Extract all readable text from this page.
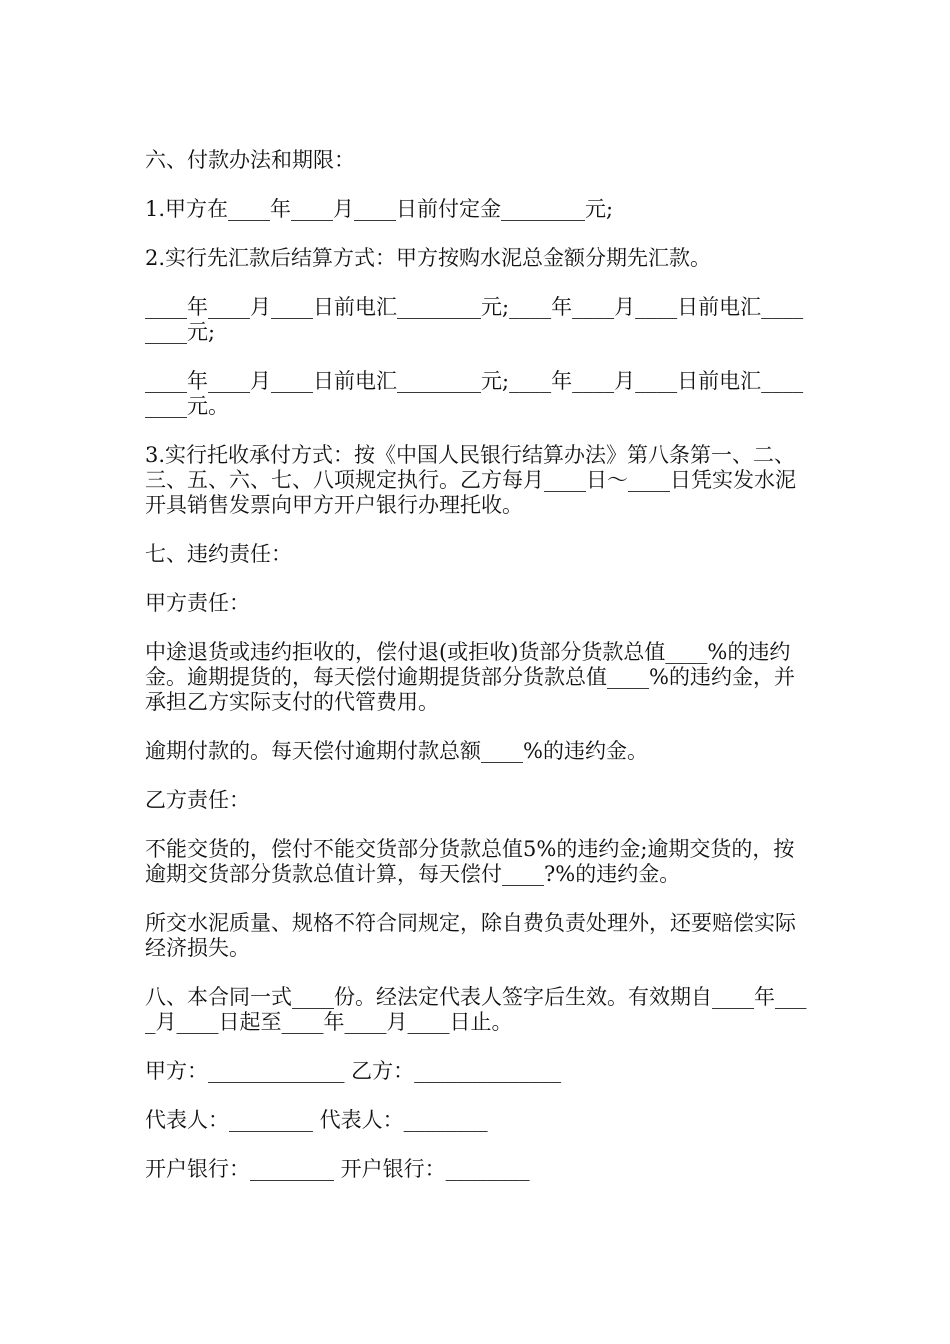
六、付款办法和期限：

1.甲方在____年____月____日前付定金________元;

2.实行先汇款后结算方式：甲方按购水泥总金额分期先汇款。

____年____月____日前电汇________元;____年____月____日前电汇________元;

____年____月____日前电汇________元;____年____月____日前电汇________元。

3.实行托收承付方式：按《中国人民银行结算办法》第八条第一、二、三、五、六、七、八项规定执行。乙方每月____日～____日凭实发水泥开具销售发票向甲方开户银行办理托收。

七、违约责任：

甲方责任：

中途退货或违约拒收的，偿付退(或拒收)货部分货款总值____%的违约金。逾期提货的，每天偿付逾期提货部分货款总值____%的违约金，并承担乙方实际支付的代管费用。

逾期付款的。每天偿付逾期付款总额____%的违约金。

乙方责任：

不能交货的，偿付不能交货部分货款总值5%的违约金;逾期交货的，按逾期交货部分货款总值计算，每天偿付____?%的违约金。

所交水泥质量、规格不符合同规定，除自费负责处理外，还要赔偿实际经济损失。

八、本合同一式____份。经法定代表人签字后生效。有效期自____年____月____日起至____年____月____日止。

甲方：_____________ 乙方：______________

代表人：________ 代表人：________

开户银行：________ 开户银行：________
